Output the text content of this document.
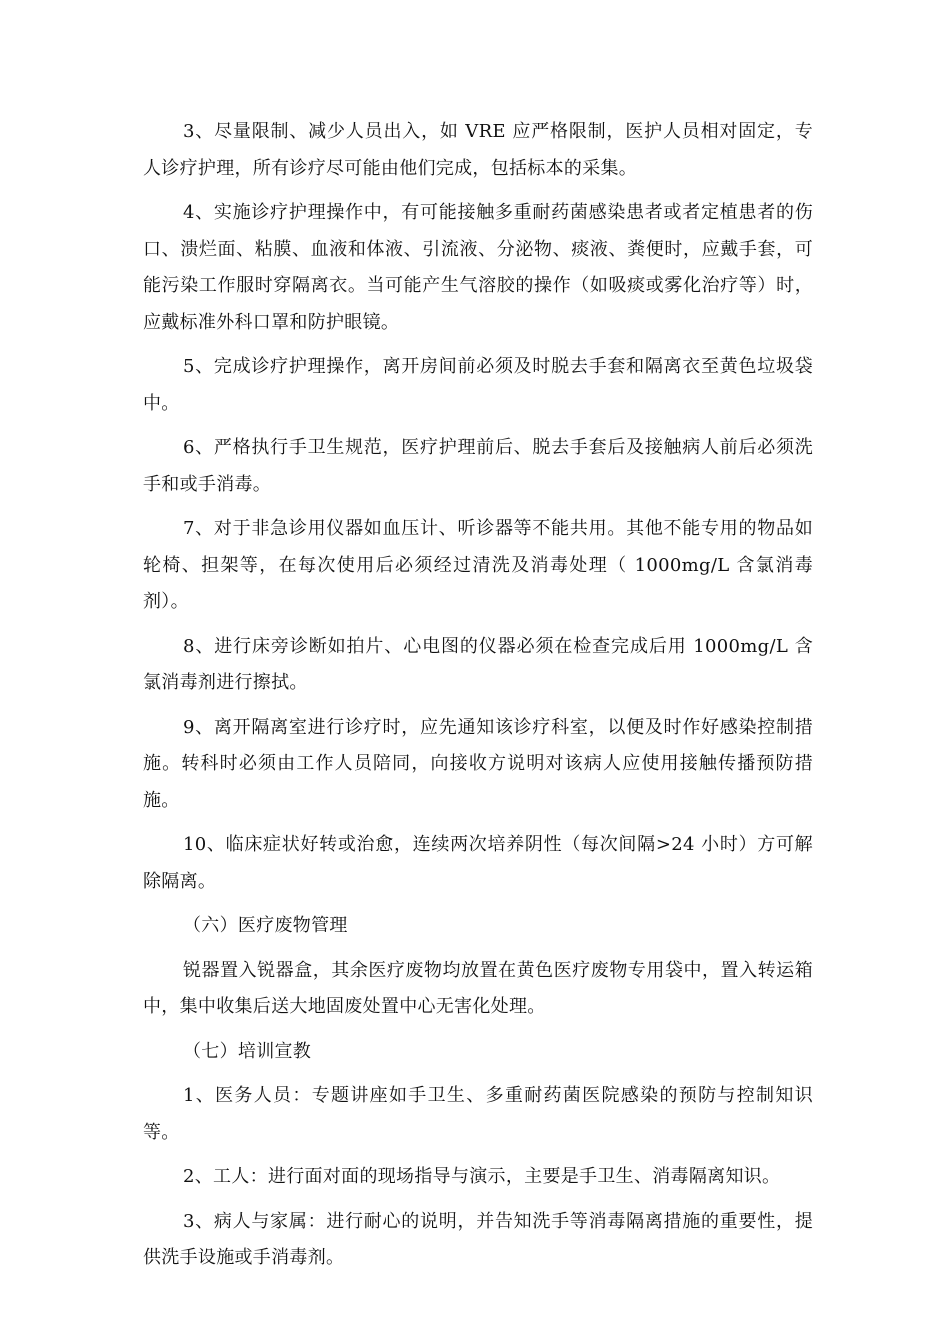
3、尽量限制、减少人员出入，如 VRE 应严格限制，医护人员相对固定，专人诊疗护理，所有诊疗尽可能由他们完成，包括标本的采集。

4、实施诊疗护理操作中，有可能接触多重耐药菌感染患者或者定植患者的伤口、溃烂面、粘膜、血液和体液、引流液、分泌物、痰液、粪便时，应戴手套，可能污染工作服时穿隔离衣。当可能产生气溶胶的操作（如吸痰或雾化治疗等）时，应戴标准外科口罩和防护眼镜。

5、完成诊疗护理操作，离开房间前必须及时脱去手套和隔离衣至黄色垃圾袋中。

6、严格执行手卫生规范，医疗护理前后、脱去手套后及接触病人前后必须洗手和或手消毒。

7、对于非急诊用仪器如血压计、听诊器等不能共用。其他不能专用的物品如轮椅、担架等，在每次使用后必须经过清洗及消毒处理（ 1000mg/L 含氯消毒剂）。

8、进行床旁诊断如拍片、心电图的仪器必须在检查完成后用 1000mg/L 含氯消毒剂进行擦拭。

9、离开隔离室进行诊疗时，应先通知该诊疗科室，以便及时作好感染控制措施。转科时必须由工作人员陪同，向接收方说明对该病人应使用接触传播预防措施。

10、临床症状好转或治愈，连续两次培养阴性（每次间隔>24 小时）方可解除隔离。

（六）医疗废物管理

锐器置入锐器盒，其余医疗废物均放置在黄色医疗废物专用袋中，置入转运箱中，集中收集后送大地固废处置中心无害化处理。

（七）培训宣教

1、医务人员：专题讲座如手卫生、多重耐药菌医院感染的预防与控制知识等。

2、工人：进行面对面的现场指导与演示，主要是手卫生、消毒隔离知识。

3、病人与家属：进行耐心的说明，并告知洗手等消毒隔离措施的重要性，提供洗手设施或手消毒剂。
